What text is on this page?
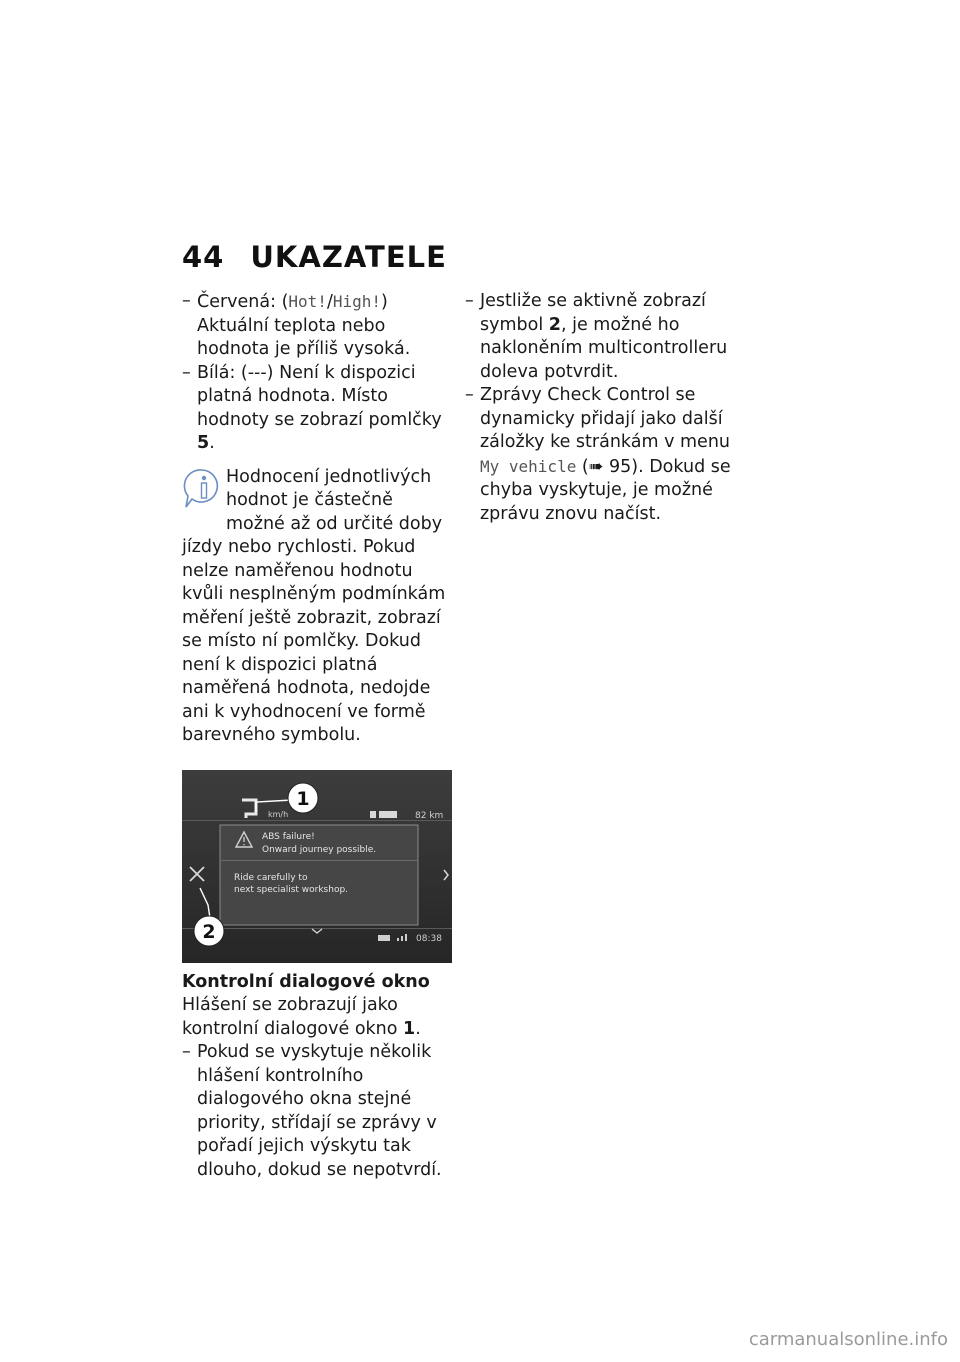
44 UKAZATELE
– Červená: (Hot!/High!) Aktuální teplota nebo hodnota je příliš vysoká.
– Bílá: (---) Není k dispozici platná hodnota. Místo hodnoty se zobrazí pomlčky 5.
Hodnocení jednotlivých hodnot je částečně možné až od určité doby jízdy nebo rychlosti. Pokud nelze naměřenou hodnotu kvůli nesplněným podmínkám měření ještě zobrazit, zobrazí se místo ní pomlčky. Dokud není k dispozici platná naměřená hodnota, nedojde ani k vyhodnocení ve formě barevného symbolu.
km/h	82 km
ABS failure!
Onward journey possible.
Ride carefully to
next specialist workshop.
08:38
1
2
Kontrolní dialogové okno
Hlášení se zobrazují jako kontrolní dialogové okno 1.
– Pokud se vyskytuje několik hlášení kontrolního dialogového okna stejné priority, střídají se zprávy v pořadí jejich výskytu tak dlouho, dokud se nepotvrdí.
– Jestliže se aktivně zobrazí symbol 2, je možné ho nakloněním multicontrolleru doleva potvrdit.
– Zprávy Check Control se dynamicky přidají jako další záložky ke stránkám v menu My vehicle (➠ 95). Dokud se chyba vyskytuje, je možné zprávu znovu načíst.
carmanualsonline.info
